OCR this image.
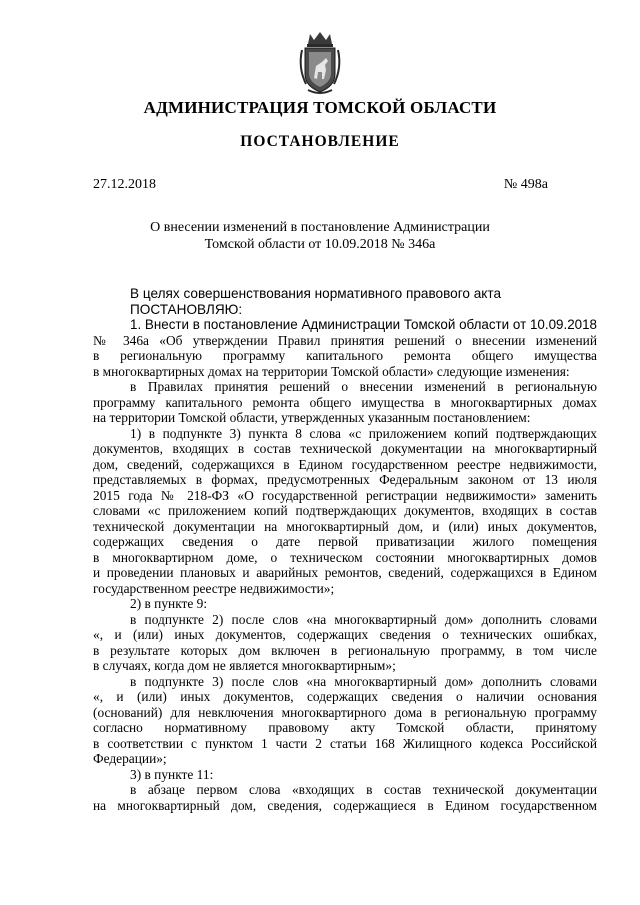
АДМИНИСТРАЦИЯ ТОМСКОЙ ОБЛАСТИ
ПОСТАНОВЛЕНИЕ
27.12.2018	№ 498а
О внесении изменений в постановление Администрации
Томской области от 10.09.2018 № 346а

В целях совершенствования нормативного правового акта

ПОСТАНОВЛЯЮ:

1. Внести в постановление Администрации Томской области от 10.09.2018
№ 346а «Об утверждении Правил принятия решений о внесении изменений
в региональную программу капитального ремонта общего имущества
в многоквартирных домах на территории Томской области» следующие изменения:
в Правилах принятия решений о внесении изменений в региональную
программу капитального ремонта общего имущества в многоквартирных домах
на территории Томской области, утвержденных указанным постановлением:
1) в подпункте 3) пункта 8 слова «с приложением копий подтверждающих
документов, входящих в состав технической документации на многоквартирный
дом, сведений, содержащихся в Едином государственном реестре недвижимости,
представляемых в формах, предусмотренных Федеральным законом от 13 июля
2015 года № 218-ФЗ «О государственной регистрации недвижимости» заменить
словами «с приложением копий подтверждающих документов, входящих в состав
технической документации на многоквартирный дом, и (или) иных документов,
содержащих сведения о дате первой приватизации жилого помещения
в многоквартирном доме, о техническом состоянии многоквартирных домов
и проведении плановых и аварийных ремонтов, сведений, содержащихся в Едином
государственном реестре недвижимости»;
2) в пункте 9:
в подпункте 2) после слов «на многоквартирный дом» дополнить словами
«, и (или) иных документов, содержащих сведения о технических ошибках,
в результате которых дом включен в региональную программу, в том числе
в случаях, когда дом не является многоквартирным»;
в подпункте 3) после слов «на многоквартирный дом» дополнить словами
«, и (или) иных документов, содержащих сведения о наличии основания
(оснований) для невключения многоквартирного дома в региональную программу
согласно нормативному правовому акту Томской области, принятому
в соответствии с пунктом 1 части 2 статьи 168 Жилищного кодекса Российской
Федерации»;
3) в пункте 11:
в абзаце первом слова «входящих в состав технической документации
на многоквартирный дом, сведения, содержащиеся в Едином государственном
